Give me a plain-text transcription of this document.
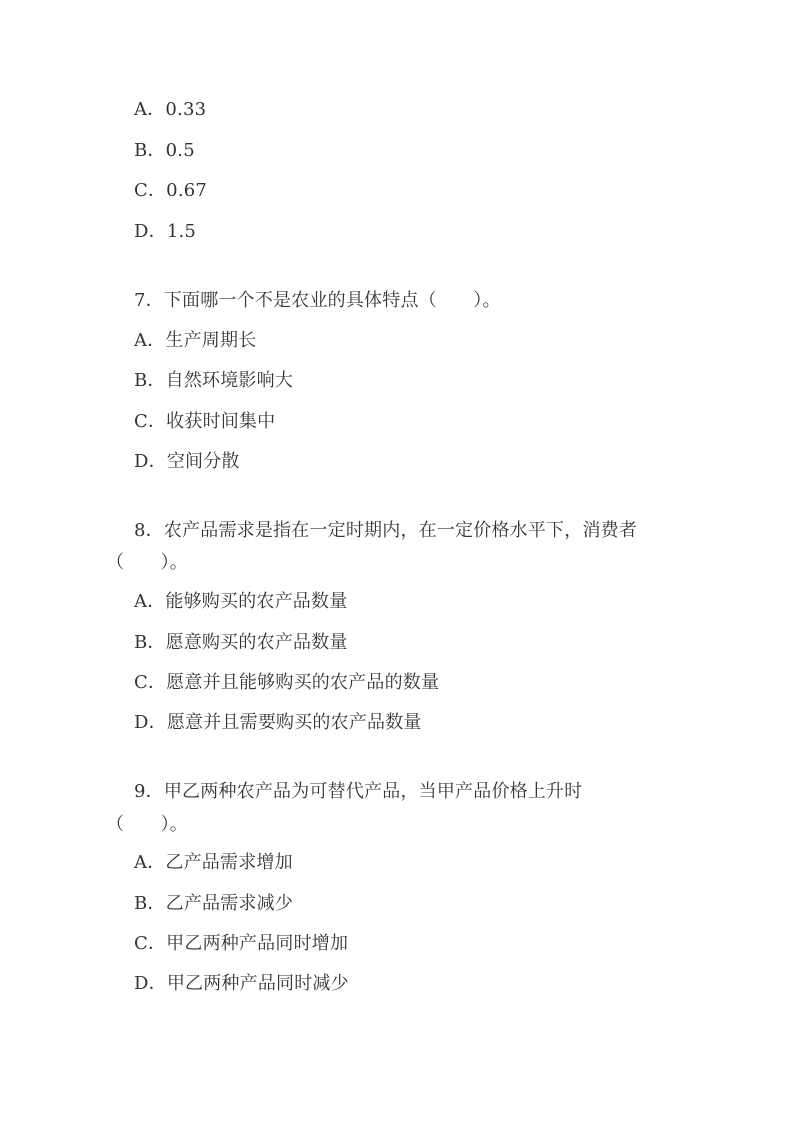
A．0.33
B．0.5
C．0.67
D．1.5
7．下面哪一个不是农业的具体特点（　　）。
A．生产周期长
B．自然环境影响大
C．收获时间集中
D．空间分散
8．农产品需求是指在一定时期内，在一定价格水平下，消费者
（　　）。
A．能够购买的农产品数量
B．愿意购买的农产品数量
C．愿意并且能够购买的农产品的数量
D．愿意并且需要购买的农产品数量
9．甲乙两种农产品为可替代产品，当甲产品价格上升时
（　　）。
A．乙产品需求增加
B．乙产品需求减少
C．甲乙两种产品同时增加
D．甲乙两种产品同时减少
